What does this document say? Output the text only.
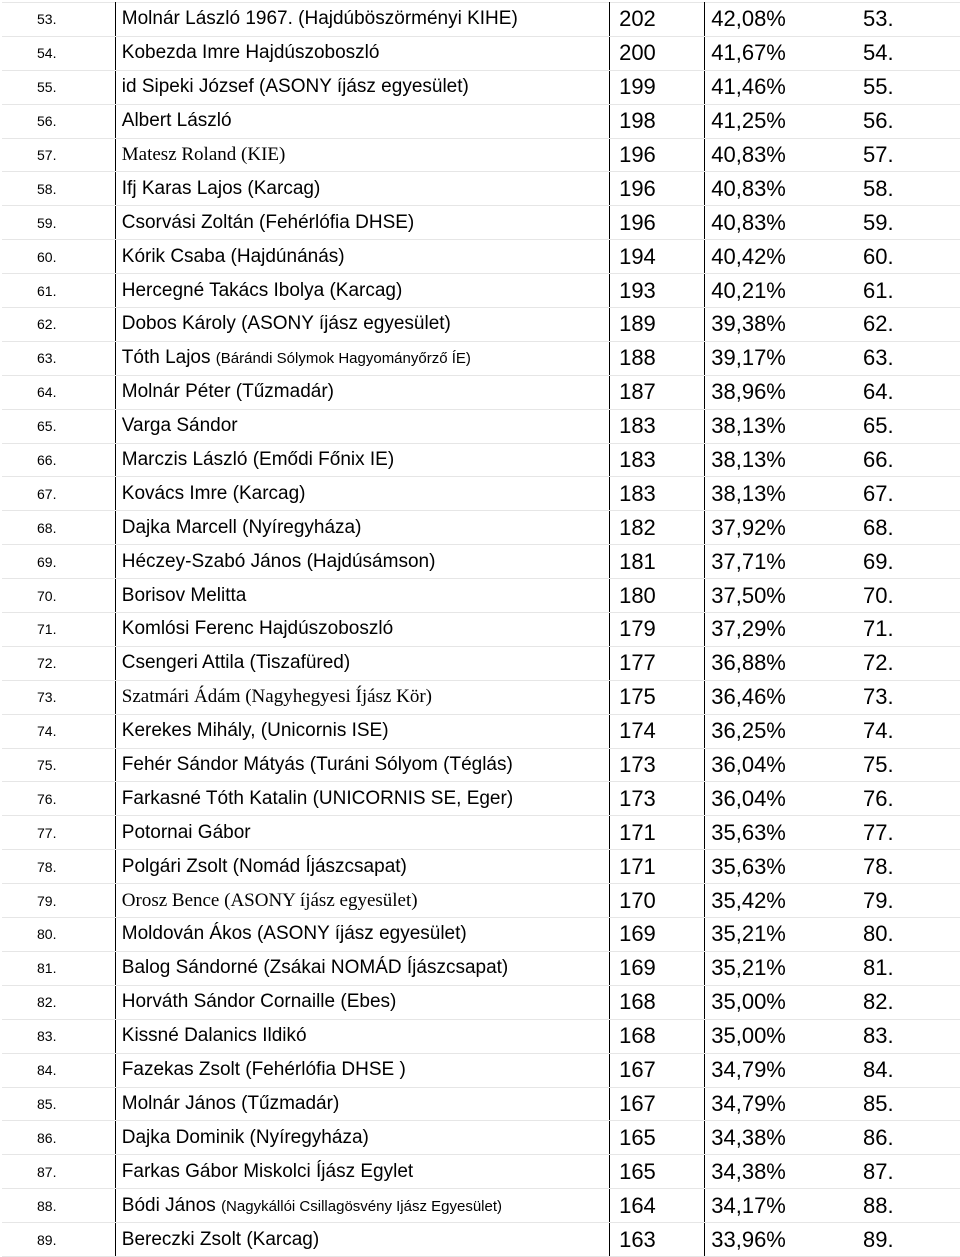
53.	Molnár László 1967. (Hajdúböszörményi KIHE)	202	42,08%	53.
54.	Kobezda Imre Hajdúszoboszló	200	41,67%	54.
55.	id Sipeki József (ASONY íjász egyesület)	199	41,46%	55.
56.	Albert László	198	41,25%	56.
57.	Matesz Roland (KIE)	196	40,83%	57.
58.	Ifj Karas Lajos (Karcag)	196	40,83%	58.
59.	Csorvási Zoltán (Fehérlófia DHSE)	196	40,83%	59.
60.	Kórik Csaba (Hajdúnánás)	194	40,42%	60.
61.	Hercegné Takács Ibolya (Karcag)	193	40,21%	61.
62.	Dobos Károly (ASONY íjász egyesület)	189	39,38%	62.
63.	Tóth Lajos (Bárándi Sólymok Hagyományőrző ÍE)	188	39,17%	63.
64.	Molnár Péter (Tűzmadár)	187	38,96%	64.
65.	Varga Sándor	183	38,13%	65.
66.	Marczis László (Emődi Főnix IE)	183	38,13%	66.
67.	Kovács Imre (Karcag)	183	38,13%	67.
68.	Dajka Marcell (Nyíregyháza)	182	37,92%	68.
69.	Héczey-Szabó János (Hajdúsámson)	181	37,71%	69.
70.	Borisov Melitta	180	37,50%	70.
71.	Komlósi Ferenc Hajdúszoboszló	179	37,29%	71.
72.	Csengeri Attila (Tiszafüred)	177	36,88%	72.
73.	Szatmári Ádám (Nagyhegyesi Íjász Kör)	175	36,46%	73.
74.	Kerekes Mihály, (Unicornis ISE)	174	36,25%	74.
75.	Fehér Sándor Mátyás (Turáni Sólyom (Téglás)	173	36,04%	75.
76.	Farkasné Tóth Katalin (UNICORNIS SE, Eger)	173	36,04%	76.
77.	Potornai Gábor	171	35,63%	77.
78.	Polgári Zsolt (Nomád Íjászcsapat)	171	35,63%	78.
79.	Orosz Bence (ASONY íjász egyesület)	170	35,42%	79.
80.	Moldován Ákos (ASONY íjász egyesület)	169	35,21%	80.
81.	Balog Sándorné (Zsákai NOMÁD Íjászcsapat)	169	35,21%	81.
82.	Horváth Sándor Cornaille (Ebes)	168	35,00%	82.
83.	Kissné Dalanics Ildikó	168	35,00%	83.
84.	Fazekas Zsolt (Fehérlófia DHSE )	167	34,79%	84.
85.	Molnár János (Tűzmadár)	167	34,79%	85.
86.	Dajka Dominik (Nyíregyháza)	165	34,38%	86.
87.	Farkas Gábor Miskolci Íjász Egylet	165	34,38%	87.
88.	Bódi János (Nagykállói Csillagösvény Ijász Egyesület)	164	34,17%	88.
89.	Bereczki Zsolt (Karcag)	163	33,96%	89.
